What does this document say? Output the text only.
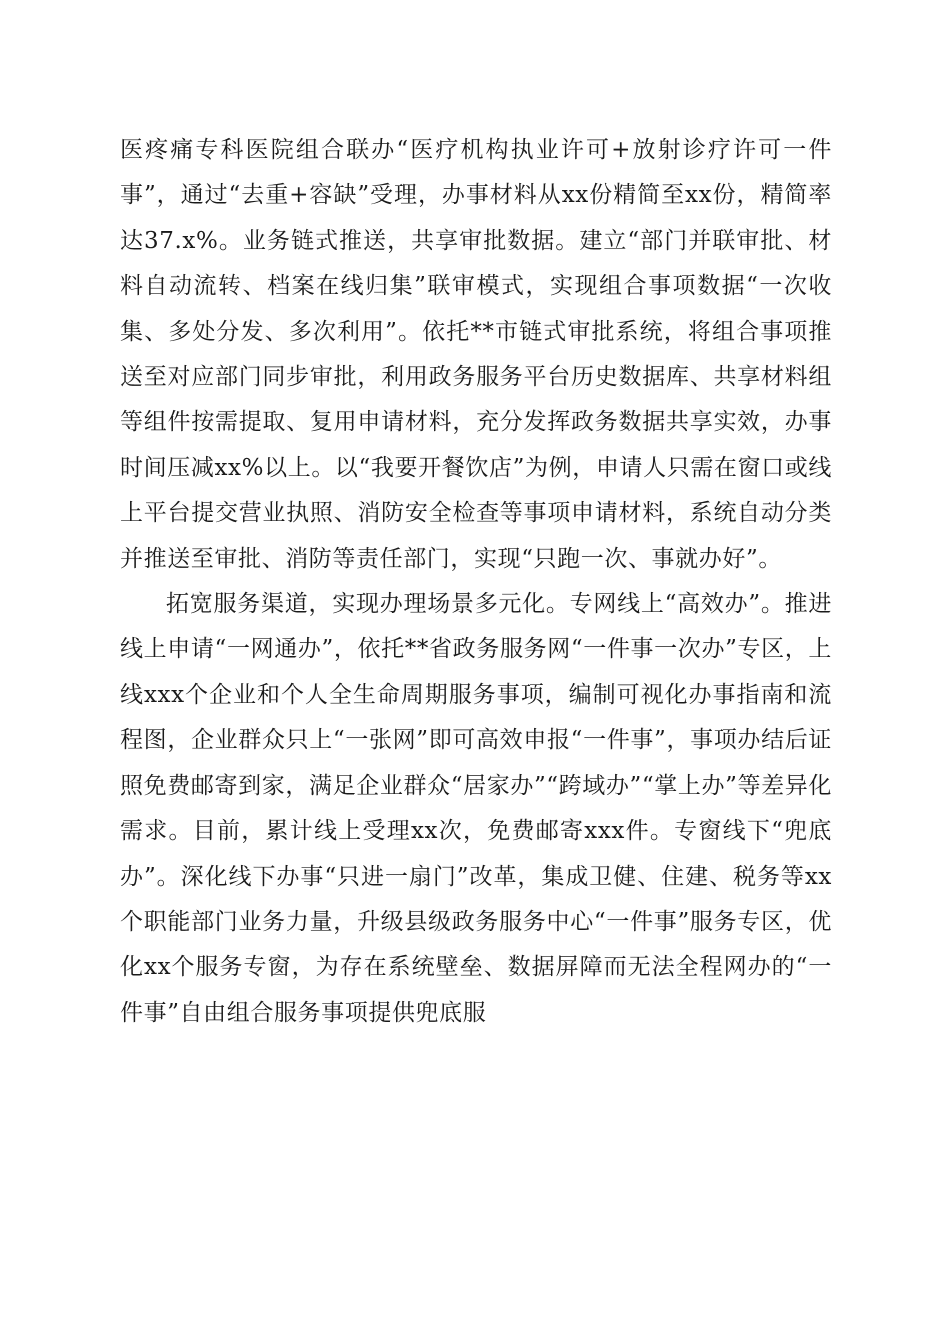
医疼痛专科医院组合联办“医疗机构执业许可+放射诊疗许可一件事”，通过“去重+容缺”受理，办事材料从xx份精简至xx份，精简率达37.x%。业务链式推送，共享审批数据。建立“部门并联审批、材料自动流转、档案在线归集”联审模式，实现组合事项数据“一次收集、多处分发、多次利用”。依托**市链式审批系统，将组合事项推送至对应部门同步审批，利用政务服务平台历史数据库、共享材料组等组件按需提取、复用申请材料，充分发挥政务数据共享实效，办事时间压减xx%以上。以“我要开餐饮店”为例，申请人只需在窗口或线上平台提交营业执照、消防安全检查等事项申请材料，系统自动分类并推送至审批、消防等责任部门，实现“只跑一次、事就办好”。

拓宽服务渠道，实现办理场景多元化。专网线上“高效办”。推进线上申请“一网通办”，依托**省政务服务网“一件事一次办”专区，上线xxx个企业和个人全生命周期服务事项，编制可视化办事指南和流程图，企业群众只上“一张网”即可高效申报“一件事”，事项办结后证照免费邮寄到家，满足企业群众“居家办”“跨域办”“掌上办”等差异化需求。目前，累计线上受理xx次，免费邮寄xxx件。专窗线下“兜底办”。深化线下办事“只进一扇门”改革，集成卫健、住建、税务等xx个职能部门业务力量，升级县级政务服务中心“一件事”服务专区，优化xx个服务专窗，为存在系统壁垒、数据屏障而无法全程网办的“一件事”自由组合服务事项提供兜底服
